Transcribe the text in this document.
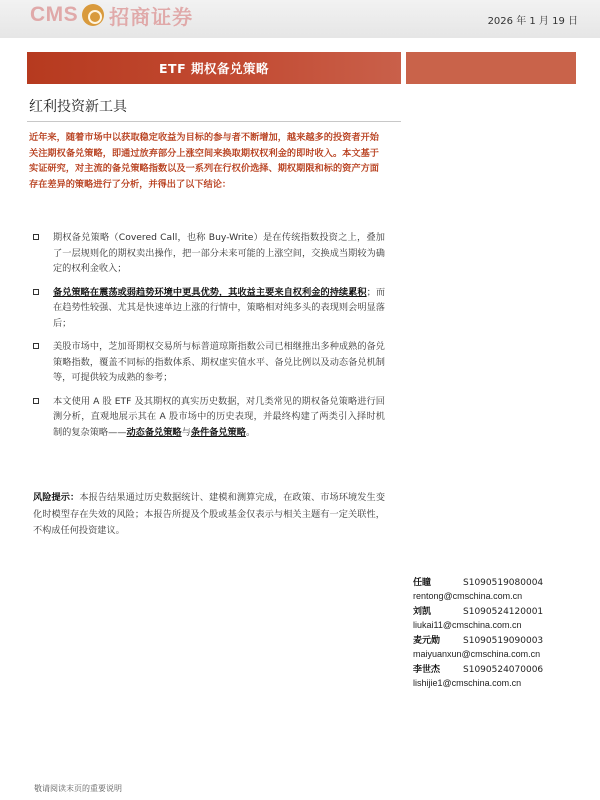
CMS 招商证券	2026 年 1 月 19 日
ETF 期权备兑策略
红利投资新工具
近年来，随着市场中以获取稳定收益为目标的参与者不断增加，越来越多的投资者开始关注期权备兑策略，即通过放弃部分上涨空间来换取期权权利金的即时收入。本文基于实证研究，对主流的备兑策略指数以及一系列在行权价选择、期权期限和标的资产方面存在差异的策略进行了分析，并得出了以下结论：
期权备兑策略（Covered Call，也称 Buy-Write）是在传统指数投资之上，叠加了一层规则化的期权卖出操作，把一部分未来可能的上涨空间，交换成当期较为确定的权利金收入；
备兑策略在震荡或弱趋势环境中更具优势，其收益主要来自权利金的持续累积；而在趋势性较强、尤其是快速单边上涨的行情中，策略相对纯多头的表现则会明显落后；
美股市场中，芝加哥期权交易所与标普道琼斯指数公司已相继推出多种成熟的备兑策略指数，覆盖不同标的指数体系、期权虚实值水平、备兑比例以及动态备兑机制等，可提供较为成熟的参考；
本文使用 A 股 ETF 及其期权的真实历史数据，对几类常见的期权备兑策略进行回测分析，直观地展示其在 A 股市场中的历史表现，并最终构建了两类引入择时机制的复杂策略——动态备兑策略与条件备兑策略。
风险提示：本报告结果通过历史数据统计、建模和测算完成，在政策、市场环境发生变化时模型存在失效的风险；本报告所提及个股或基金仅表示与相关主题有一定关联性，不构成任何投资建议。
任瞳	S1090519080004
rentong@cmschina.com.cn
刘凯	S1090524120001
liukai11@cmschina.com.cn
麦元勋	S1090519090003
maiyuanxun@cmschina.com.cn
李世杰	S1090524070006
lishijie1@cmschina.com.cn
敬请阅读末页的重要说明
